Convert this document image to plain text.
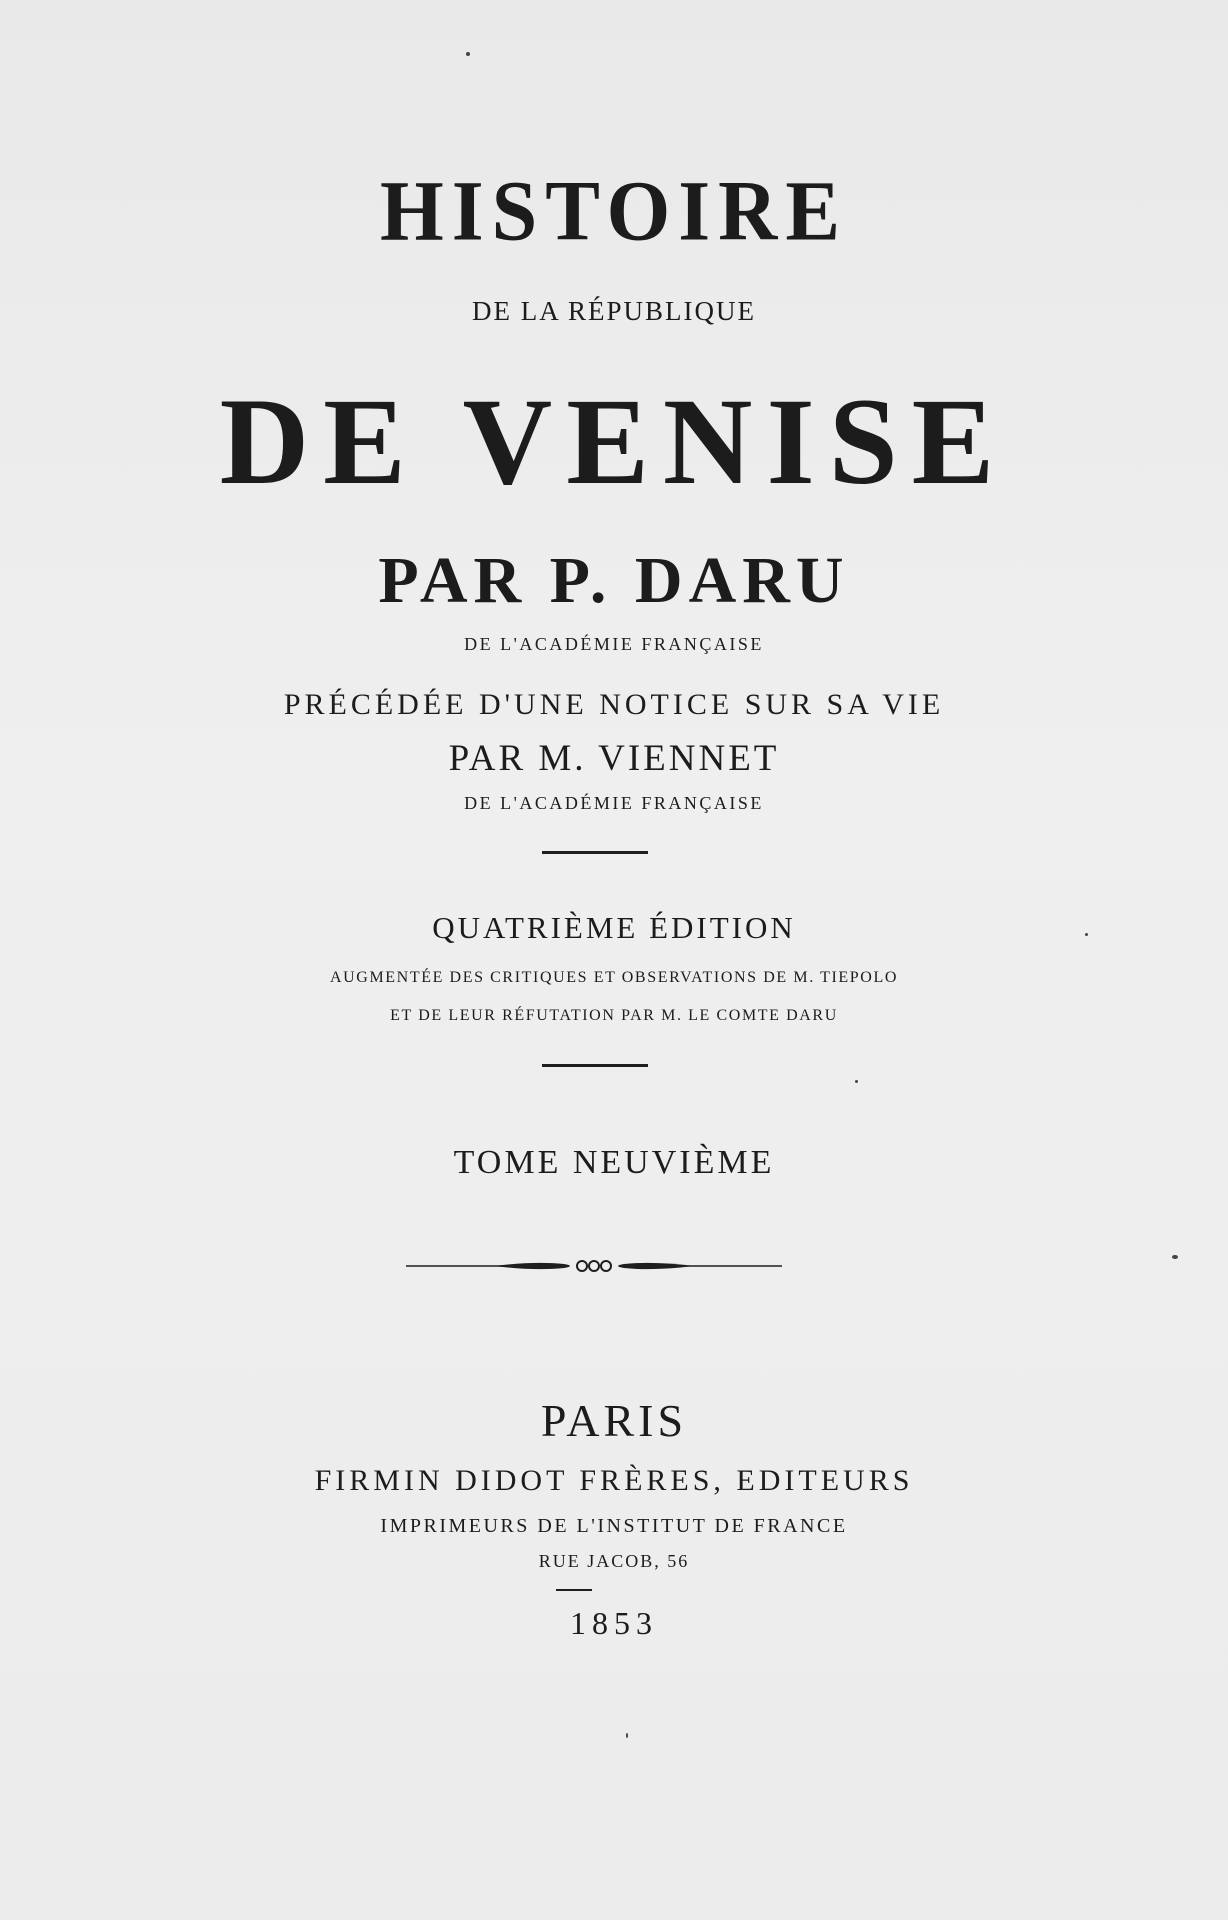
HISTOIRE
DE LA RÉPUBLIQUE
DE VENISE
PAR P. DARU
DE L'ACADÉMIE FRANÇAISE
PRÉCÉDÉE D'UNE NOTICE SUR SA VIE
PAR M. VIENNET
DE L'ACADÉMIE FRANÇAISE
QUATRIÈME ÉDITION
AUGMENTÉE DES CRITIQUES ET OBSERVATIONS DE M. TIEPOLO
ET DE LEUR RÉFUTATION PAR M. LE COMTE DARU
TOME NEUVIÈME
PARIS
FIRMIN DIDOT FRÈRES, EDITEURS
IMPRIMEURS DE L'INSTITUT DE FRANCE
RUE JACOB, 56
1853
